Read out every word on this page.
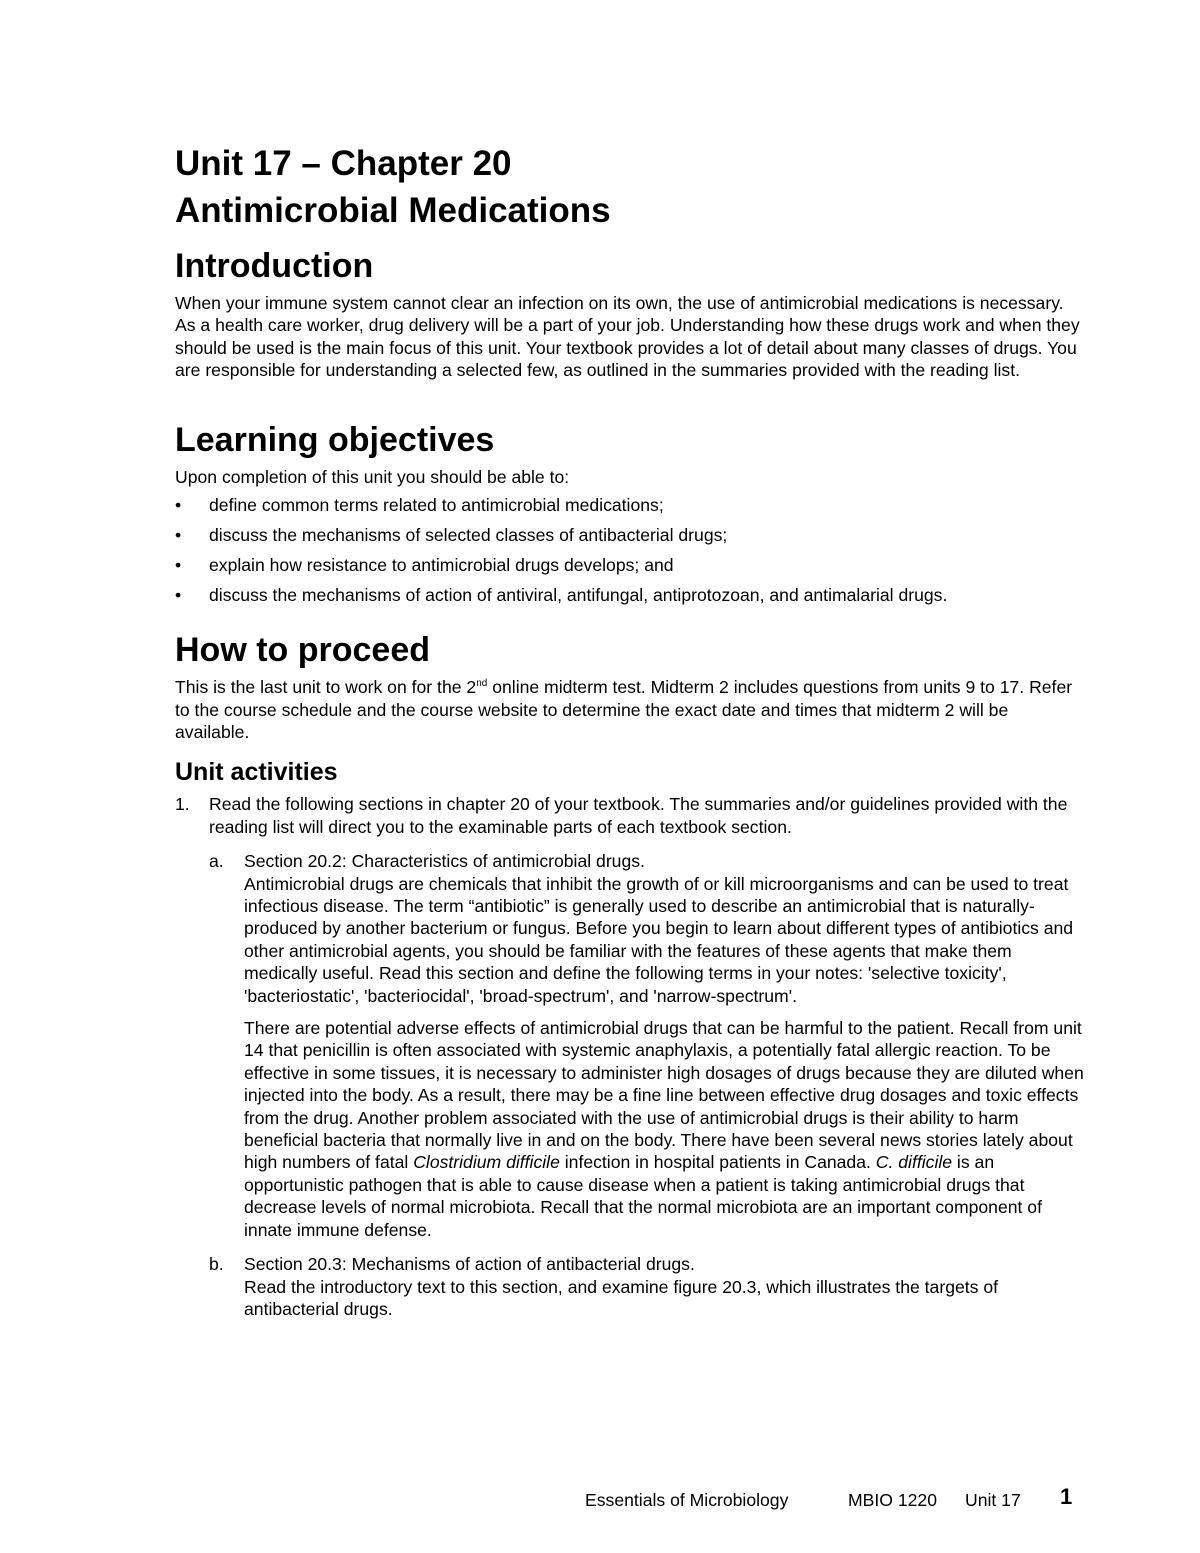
Unit 17 – Chapter 20
Antimicrobial Medications
Introduction

When your immune system cannot clear an infection on its own, the use of antimicrobial medications is necessary. As a health care worker, drug delivery will be a part of your job. Understanding how these drugs work and when they should be used is the main focus of this unit. Your textbook provides a lot of detail about many classes of drugs. You are responsible for understanding a selected few, as outlined in the summaries provided with the reading list.

Learning objectives

Upon completion of this unit you should be able to:

• define common terms related to antimicrobial medications;
• discuss the mechanisms of selected classes of antibacterial drugs;
• explain how resistance to antimicrobial drugs develops; and
• discuss the mechanisms of action of antiviral, antifungal, antiprotozoan, and antimalarial drugs.
How to proceed

This is the last unit to work on for the 2nd online midterm test. Midterm 2 includes questions from units 9 to 17. Refer to the course schedule and the course website to determine the exact date and times that midterm 2 will be available.

Unit activities
1. Read the following sections in chapter 20 of your textbook. The summaries and/or guidelines provided with the reading list will direct you to the examinable parts of each textbook section.

a. Section 20.2: Characteristics of antimicrobial drugs.
Antimicrobial drugs are chemicals that inhibit the growth of or kill microorganisms and can be used to treat infectious disease. The term “antibiotic” is generally used to describe an antimicrobial that is naturally-produced by another bacterium or fungus. Before you begin to learn about different types of antibiotics and other antimicrobial agents, you should be familiar with the features of these agents that make them medically useful. Read this section and define the following terms in your notes: 'selective toxicity', 'bacteriostatic', 'bacteriocidal', 'broad-spectrum', and 'narrow-spectrum'.

There are potential adverse effects of antimicrobial drugs that can be harmful to the patient. Recall from unit 14 that penicillin is often associated with systemic anaphylaxis, a potentially fatal allergic reaction. To be effective in some tissues, it is necessary to administer high dosages of drugs because they are diluted when injected into the body. As a result, there may be a fine line between effective drug dosages and toxic effects from the drug. Another problem associated with the use of antimicrobial drugs is their ability to harm beneficial bacteria that normally live in and on the body. There have been several news stories lately about high numbers of fatal Clostridium difficile infection in hospital patients in Canada. C. difficile is an opportunistic pathogen that is able to cause disease when a patient is taking antimicrobial drugs that decrease levels of normal microbiota. Recall that the normal microbiota are an important component of innate immune defense.

b. Section 20.3: Mechanisms of action of antibacterial drugs.
Read the introductory text to this section, and examine figure 20.3, which illustrates the targets of antibacterial drugs.

Essentials of Microbiology	MBIO 1220 Unit 17 1
